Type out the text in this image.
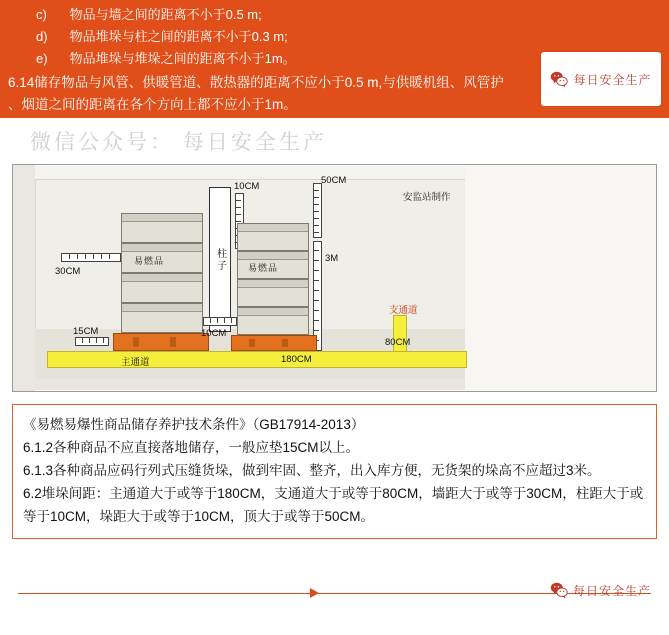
c) 物品与墙之间的距离不小于0.5 m;
d) 物品堆垛与柱之间的距离不小于0.3 m;
e) 物品堆垛与堆垛之间的距离不小于1m。
6.14储存物品与风管、供暖管道、散热器的距离不应小于0.5 m,与供暖机组、风管护
、烟道之间的距离在各个方向上都不应小于1m。
每日安全生产
微信公众号： 每日安全生产
安监站制作
柱子
10CM
50CM
3M
30CM
易燃品
易燃品
10CM
15CM
支通道
80CM
主通道	180CM
《易燃易爆性商品储存养护技术条件》（GB17914-2013）
6.1.2各种商品不应直接落地储存，一般应垫15CM以上。
6.1.3各种商品应码行列式压缝货垛，做到牢固、整齐，出入库方便，无货架的垛高不应超过3米。
6.2堆垛间距：主通道大于或等于180CM，支通道大于或等于80CM，墙距大于或等于30CM，柱距大于或等于10CM，垛距大于或等于10CM，顶大于或等于50CM。
每日安全生产
